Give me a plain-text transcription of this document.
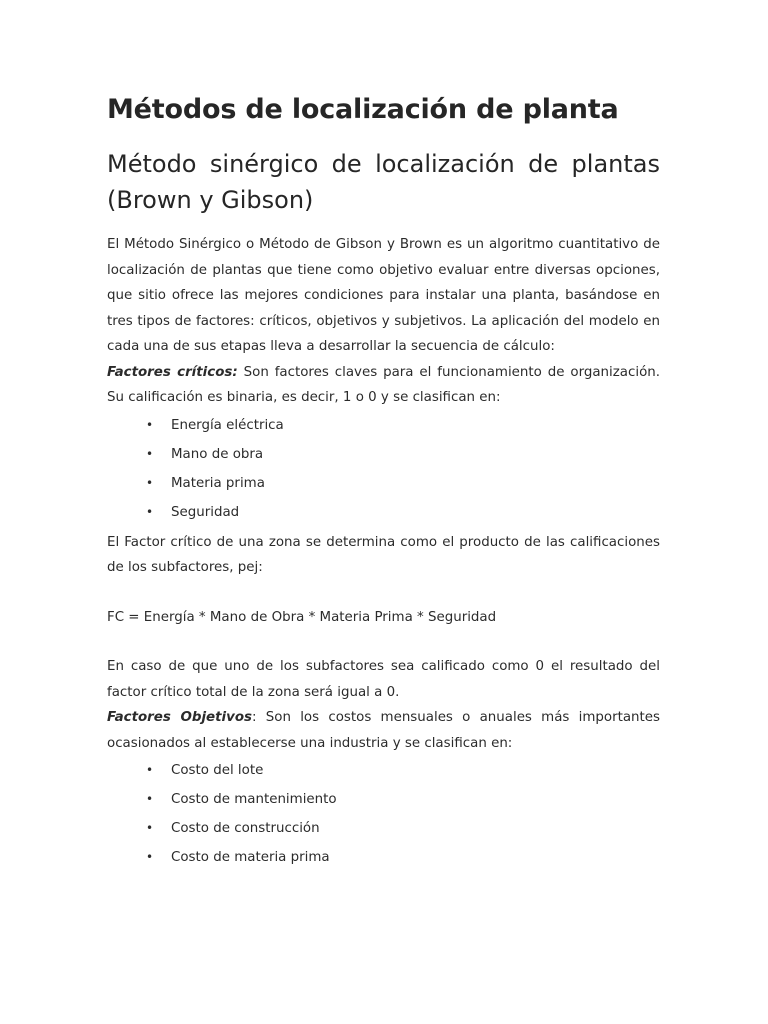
Métodos de localización de planta
Método sinérgico de localización de plantas (Brown y Gibson)

El Método Sinérgico o Método de Gibson y Brown es un algoritmo cuantitativo de localización de plantas que tiene como objetivo evaluar entre diversas opciones, que sitio ofrece las mejores condiciones para instalar una planta, basándose en tres tipos de factores: críticos, objetivos y subjetivos. La aplicación del modelo en cada una de sus etapas lleva a desarrollar la secuencia de cálculo:

Factores críticos: Son factores claves para el funcionamiento de organización. Su calificación es binaria, es decir, 1 o 0 y se clasifican en:

• Energía eléctrica
• Mano de obra
• Materia prima
• Seguridad

El Factor crítico de una zona se determina como el producto de las calificaciones de los subfactores, pej:

FC = Energía * Mano de Obra * Materia Prima * Seguridad

En caso de que uno de los subfactores sea calificado como 0 el resultado del factor crítico total de la zona será igual a 0.

Factores Objetivos: Son los costos mensuales o anuales más importantes ocasionados al establecerse una industria y se clasifican en:

• Costo del lote
• Costo de mantenimiento
• Costo de construcción
• Costo de materia prima
